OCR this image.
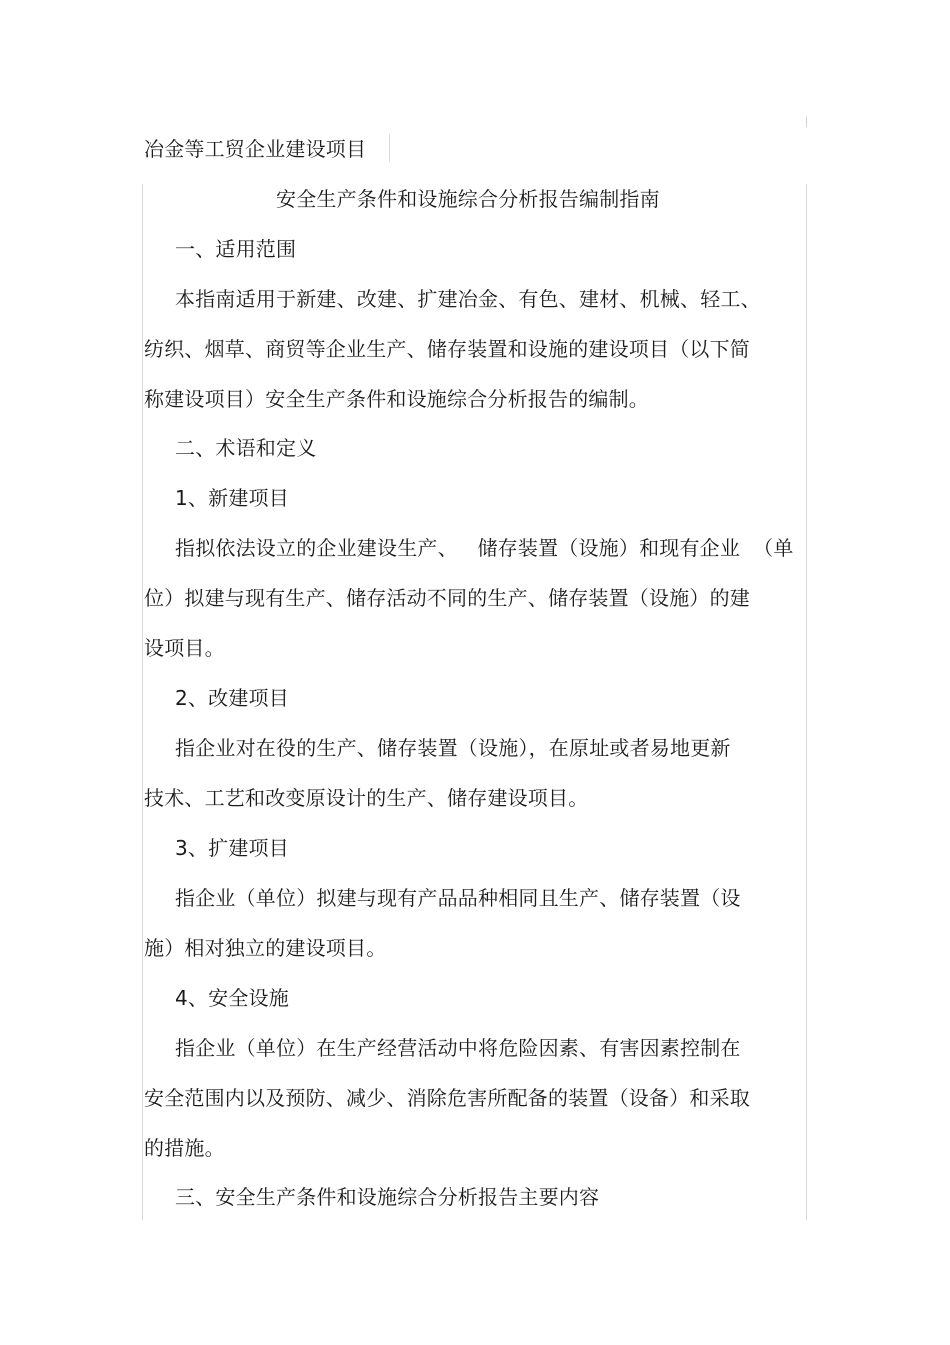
冶金等工贸企业建设项目
安全生产条件和设施综合分析报告编制指南
一、适用范围
本指南适用于新建、改建、扩建冶金、有色、建材、机械、轻工、
纺织、烟草、商贸等企业生产、储存装置和设施的建设项目（以下简
称建设项目）安全生产条件和设施综合分析报告的编制。
二、术语和定义
1、新建项目
指拟依法设立的企业建设生产、   储存装置（设施）和现有企业  （单
位）拟建与现有生产、储存活动不同的生产、储存装置（设施）的建
设项目。
2、改建项目
指企业对在役的生产、储存装置（设施），在原址或者易地更新
技术、工艺和改变原设计的生产、储存建设项目。
3、扩建项目
指企业（单位）拟建与现有产品品种相同且生产、储存装置（设
施）相对独立的建设项目。
4、安全设施
指企业（单位）在生产经营活动中将危险因素、有害因素控制在
安全范围内以及预防、减少、消除危害所配备的装置（设备）和采取
的措施。
三、安全生产条件和设施综合分析报告主要内容
